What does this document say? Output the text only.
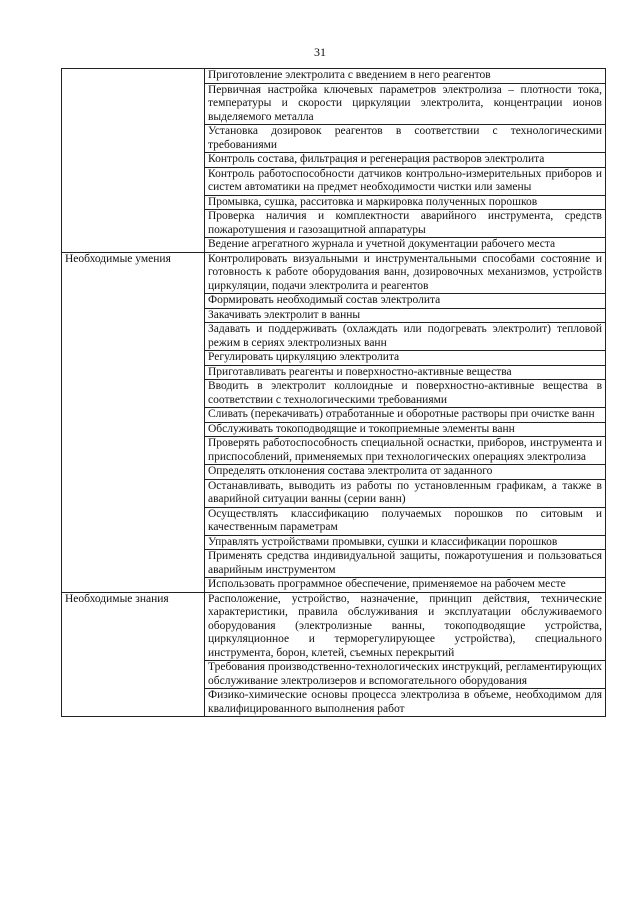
31
	Приготовление электролита с введением в него реагентов
	Первичная настройка ключевых параметров электролиза – плотности тока, температуры и скорости циркуляции электролита, концентрации ионов выделяемого металла
	Установка дозировок реагентов в соответствии с технологическими требованиями
	Контроль состава, фильтрация и регенерация растворов электролита
	Контроль работоспособности датчиков контрольно-измерительных приборов и систем автоматики на предмет необходимости чистки или замены
	Промывка, сушка, расситовка и маркировка полученных порошков
	Проверка наличия и комплектности аварийного инструмента, средств пожаротушения и газозащитной аппаратуры
	Ведение агрегатного журнала и учетной документации рабочего места
Необходимые умения	Контролировать визуальными и инструментальными способами состояние и готовность к работе оборудования ванн, дозировочных механизмов, устройств циркуляции, подачи электролита и реагентов
	Формировать необходимый состав электролита
	Закачивать электролит в ванны
	Задавать и поддерживать (охлаждать или подогревать электролит) тепловой режим в сериях электролизных ванн
	Регулировать циркуляцию электролита
	Приготавливать реагенты и поверхностно-активные вещества
	Вводить в электролит коллоидные и поверхностно-активные вещества в соответствии с технологическими требованиями
	Сливать (перекачивать) отработанные и оборотные растворы при очистке ванн
	Обслуживать токоподводящие и токоприемные элементы ванн
	Проверять работоспособность специальной оснастки, приборов, инструмента и приспособлений, применяемых при технологических операциях электролиза
	Определять отклонения состава электролита от заданного
	Останавливать, выводить из работы по установленным графикам, а также в аварийной ситуации ванны (серии ванн)
	Осуществлять классификацию получаемых порошков по ситовым и качественным параметрам
	Управлять устройствами промывки, сушки и классификации порошков
	Применять средства индивидуальной защиты, пожаротушения и пользоваться аварийным инструментом
	Использовать программное обеспечение, применяемое на рабочем месте
Необходимые знания	Расположение, устройство, назначение, принцип действия, технические характеристики, правила обслуживания и эксплуатации обслуживаемого оборудования (электролизные ванны, токоподводящие устройства, циркуляционное и терморегулирующее устройства), специального инструмента, борон, клетей, съемных перекрытий
	Требования производственно-технологических инструкций, регламентирующих обслуживание электролизеров и вспомогательного оборудования
	Физико-химические основы процесса электролиза в объеме, необходимом для квалифицированного выполнения работ
